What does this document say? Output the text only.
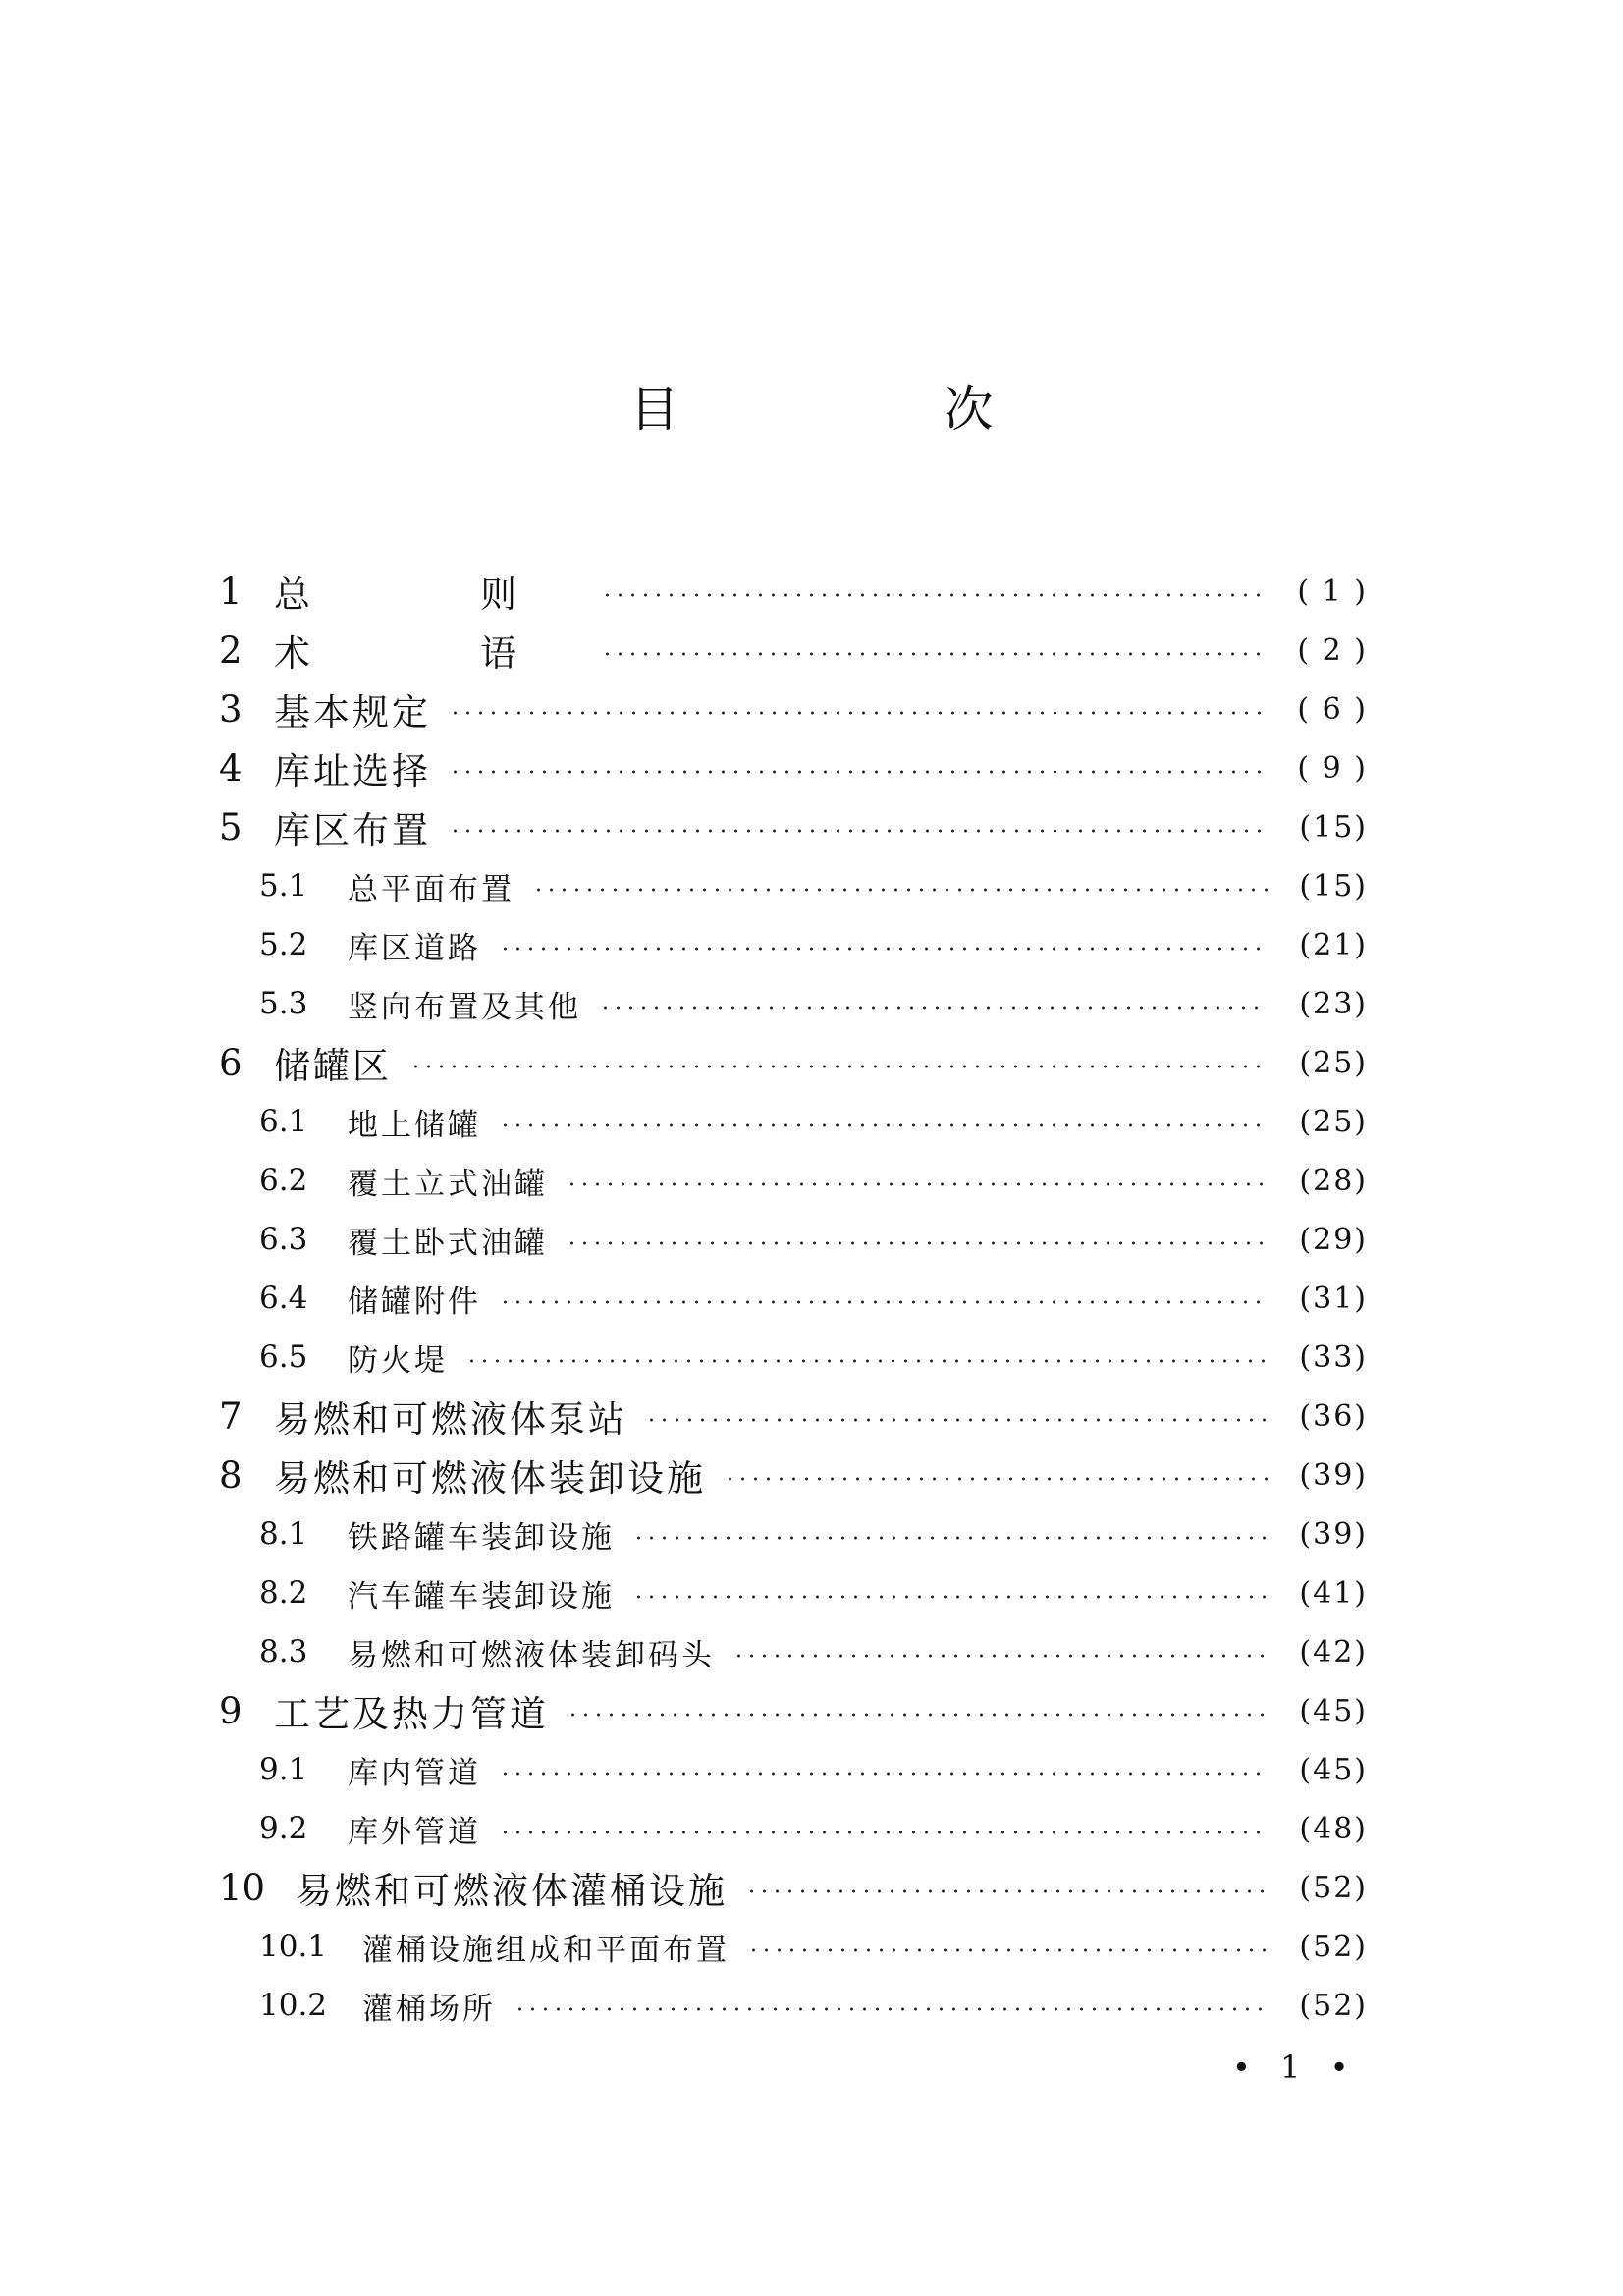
目　次
1 总　则	( 1 )
2 术　语	( 2 )
3 基本规定	( 6 )
4 库址选择	( 9 )
5 库区布置	(15)
5.1	总平面布置	(15)
5.2	库区道路	(21)
5.3	竖向布置及其他	(23)
6 储罐区	(25)
6.1	地上储罐	(25)
6.2	覆土立式油罐	(28)
6.3	覆土卧式油罐	(29)
6.4	储罐附件	(31)
6.5	防火堤	(33)
7 易燃和可燃液体泵站	(36)
8 易燃和可燃液体装卸设施	(39)
8.1	铁路罐车装卸设施	(39)
8.2	汽车罐车装卸设施	(41)
8.3	易燃和可燃液体装卸码头	(42)
9 工艺及热力管道	(45)
9.1	库内管道	(45)
9.2	库外管道	(48)
10 易燃和可燃液体灌桶设施	(52)
10.1	灌桶设施组成和平面布置	(52)
10.2	灌桶场所	(52)
• 1 •
